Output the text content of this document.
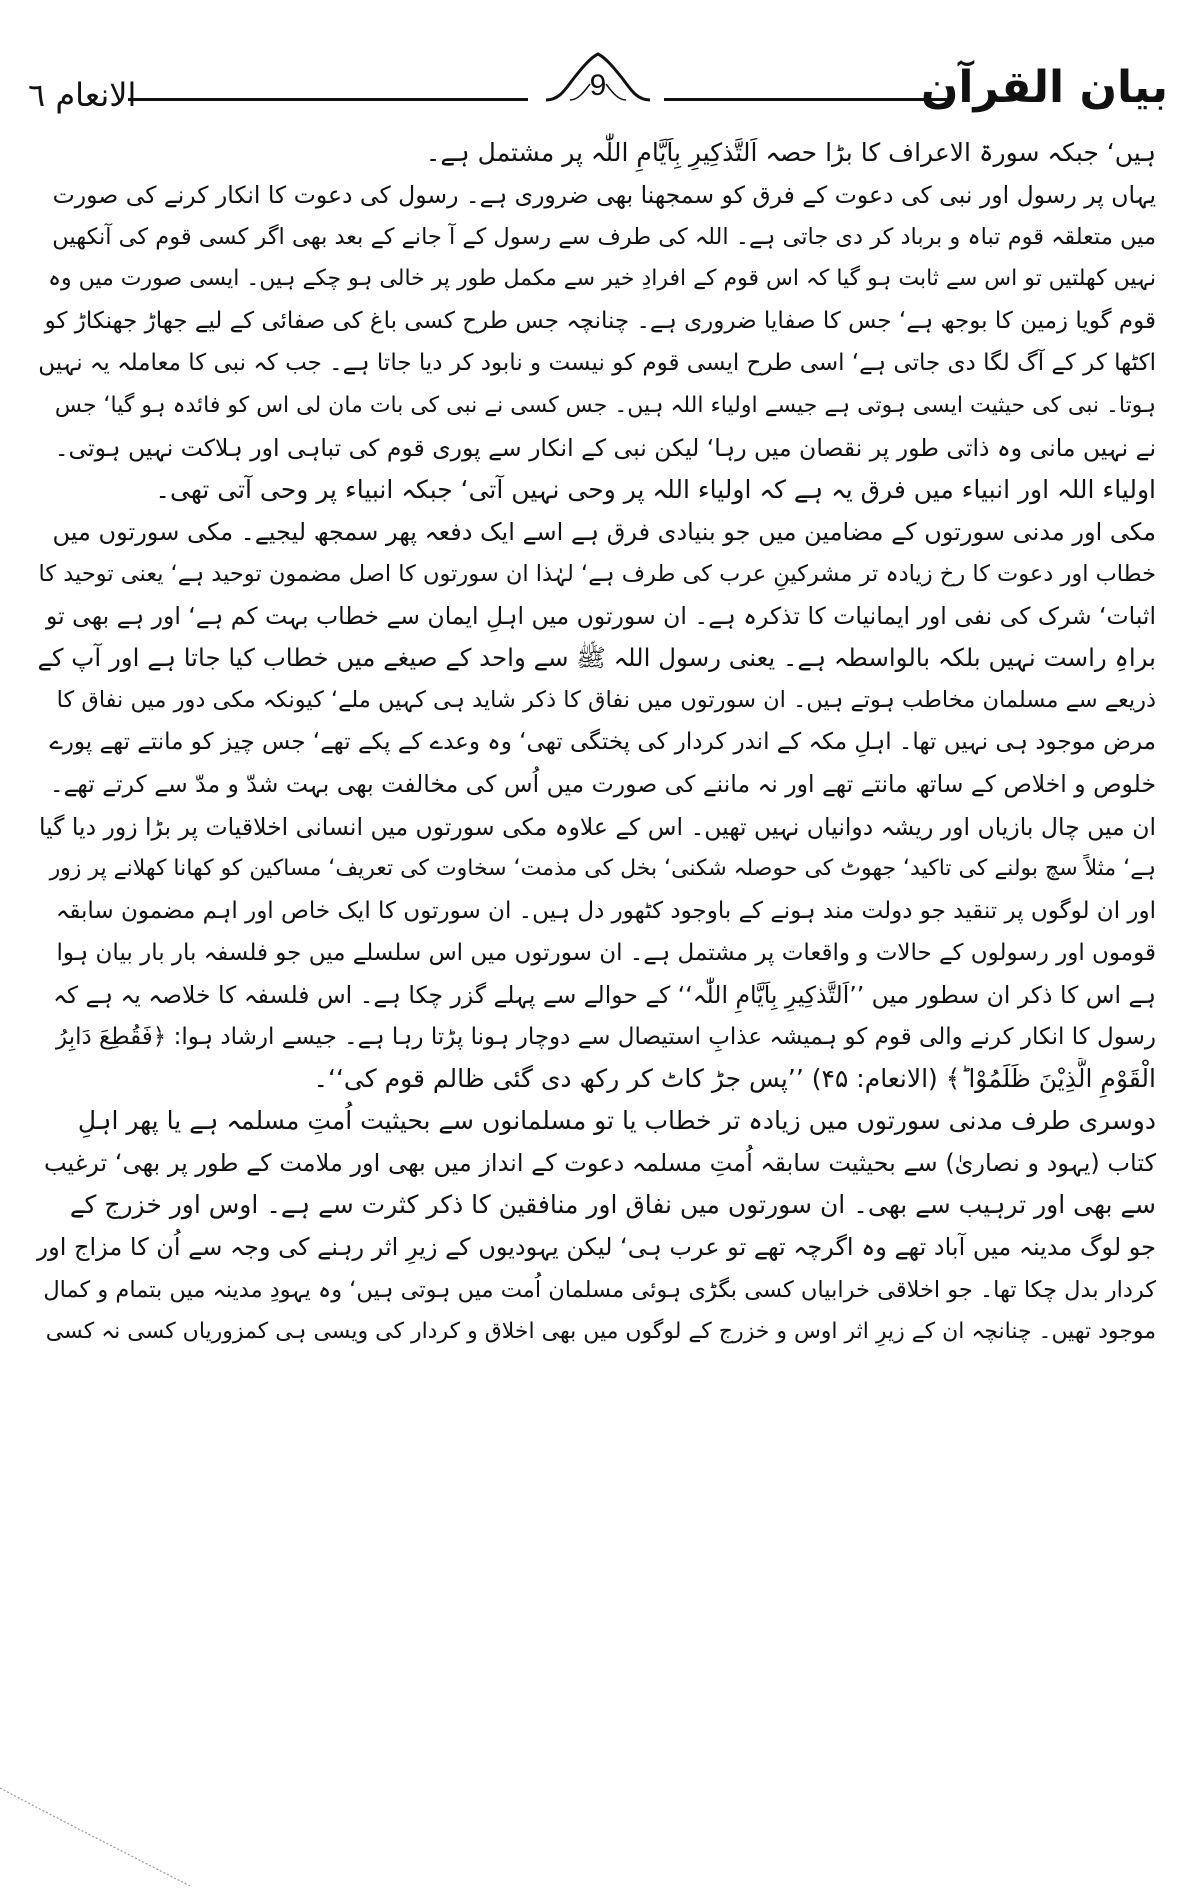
بیان القرآن
الانعام ٦	9
ہیں‘ جبکہ سورۃ الاعراف کا بڑا حصہ اَلتَّذکِیرِ بِاَیَّامِ اللّٰہ پر مشتمل ہے۔
یہاں پر رسول اور نبی کی دعوت کے فرق کو سمجھنا بھی ضروری ہے۔ رسول کی دعوت کا انکار کرنے کی صورت
میں متعلقہ قوم تباہ و برباد کر دی جاتی ہے۔ اللہ کی طرف سے رسول کے آ جانے کے بعد بھی اگر کسی قوم کی آنکھیں
نہیں کھلتیں تو اس سے ثابت ہو گیا کہ اس قوم کے افرادِ خیر سے مکمل طور پر خالی ہو چکے ہیں۔ ایسی صورت میں وہ
قوم گویا زمین کا بوجھ ہے‘ جس کا صفایا ضروری ہے۔ چنانچہ جس طرح کسی باغ کی صفائی کے لیے جھاڑ جھنکاڑ کو
اکٹھا کر کے آگ لگا دی جاتی ہے‘ اسی طرح ایسی قوم کو نیست و نابود کر دیا جاتا ہے۔ جب کہ نبی کا معاملہ یہ نہیں
ہوتا۔ نبی کی حیثیت ایسی ہوتی ہے جیسے اولیاء اللہ ہیں۔ جس کسی نے نبی کی بات مان لی اس کو فائدہ ہو گیا‘ جس
نے نہیں مانی وہ ذاتی طور پر نقصان میں رہا‘ لیکن نبی کے انکار سے پوری قوم کی تباہی اور ہلاکت نہیں ہوتی۔
اولیاء اللہ اور انبیاء میں فرق یہ ہے کہ اولیاء اللہ پر وحی نہیں آتی‘ جبکہ انبیاء پر وحی آتی تھی۔
مکی اور مدنی سورتوں کے مضامین میں جو بنیادی فرق ہے اسے ایک دفعہ پھر سمجھ لیجیے۔ مکی سورتوں میں
خطاب اور دعوت کا رخ زیادہ تر مشرکینِ عرب کی طرف ہے‘ لہٰذا ان سورتوں کا اصل مضمون توحید ہے‘ یعنی توحید کا
اثبات‘ شرک کی نفی اور ایمانیات کا تذکرہ ہے۔ ان سورتوں میں اہلِ ایمان سے خطاب بہت کم ہے‘ اور ہے بھی تو
براہِ راست نہیں بلکہ بالواسطہ ہے۔ یعنی رسول اللہ ﷺ سے واحد کے صیغے میں خطاب کیا جاتا ہے اور آپ کے
ذریعے سے مسلمان مخاطب ہوتے ہیں۔ ان سورتوں میں نفاق کا ذکر شاید ہی کہیں ملے‘ کیونکہ مکی دور میں نفاق کا
مرض موجود ہی نہیں تھا۔ اہلِ مکہ کے اندر کردار کی پختگی تھی‘ وہ وعدے کے پکے تھے‘ جس چیز کو مانتے تھے پورے
خلوص و اخلاص کے ساتھ مانتے تھے اور نہ ماننے کی صورت میں اُس کی مخالفت بھی بہت شدّ و مدّ سے کرتے تھے۔
ان میں چال بازیاں اور ریشہ دوانیاں نہیں تھیں۔ اس کے علاوہ مکی سورتوں میں انسانی اخلاقیات پر بڑا زور دیا گیا
ہے‘ مثلاً سچ بولنے کی تاکید‘ جھوٹ کی حوصلہ شکنی‘ بخل کی مذمت‘ سخاوت کی تعریف‘ مساکین کو کھانا کھلانے پر زور
اور ان لوگوں پر تنقید جو دولت مند ہونے کے باوجود کٹھور دل ہیں۔ ان سورتوں کا ایک خاص اور اہم مضمون سابقہ
قوموں اور رسولوں کے حالات و واقعات پر مشتمل ہے۔ ان سورتوں میں اس سلسلے میں جو فلسفہ بار بار بیان ہوا
ہے اس کا ذکر ان سطور میں ’’اَلتَّذکِیرِ بِاَیَّامِ اللّٰہ‘‘ کے حوالے سے پہلے گزر چکا ہے۔ اس فلسفہ کا خلاصہ یہ ہے کہ
رسول کا انکار کرنے والی قوم کو ہمیشہ عذابِ استیصال سے دوچار ہونا پڑتا رہا ہے۔ جیسے ارشاد ہوا: ﴿فَقُطِعَ دَابِرُ
الْقَوْمِ الَّذِیْنَ ظَلَمُوْا ؕ﴾ (الانعام: ۴۵) ’’پس جڑ کاٹ کر رکھ دی گئی ظالم قوم کی‘‘۔
دوسری طرف مدنی سورتوں میں زیادہ تر خطاب یا تو مسلمانوں سے بحیثیت اُمتِ مسلمہ ہے یا پھر اہلِ
کتاب (یہود و نصاریٰ) سے بحیثیت سابقہ اُمتِ مسلمہ دعوت کے انداز میں بھی اور ملامت کے طور پر بھی‘ ترغیب
سے بھی اور ترہیب سے بھی۔ ان سورتوں میں نفاق اور منافقین کا ذکر کثرت سے ہے۔ اوس اور خزرج کے
جو لوگ مدینہ میں آباد تھے وہ اگرچہ تھے تو عرب ہی‘ لیکن یہودیوں کے زیرِ اثر رہنے کی وجہ سے اُن کا مزاج اور
کردار بدل چکا تھا۔ جو اخلاقی خرابیاں کسی بگڑی ہوئی مسلمان اُمت میں ہوتی ہیں‘ وہ یہودِ مدینہ میں بتمام و کمال
موجود تھیں۔ چنانچہ ان کے زیرِ اثر اوس و خزرج کے لوگوں میں بھی اخلاق و کردار کی ویسی ہی کمزوریاں کسی نہ کسی
